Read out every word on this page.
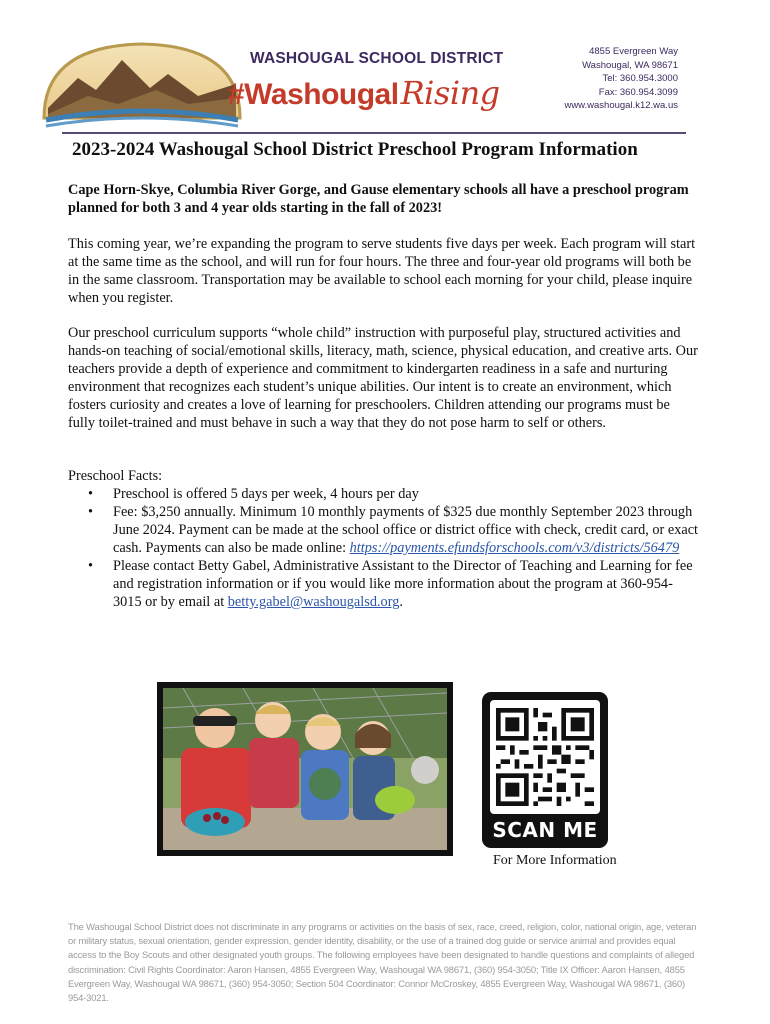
WASHOUGAL SCHOOL DISTRICT
#WashougalRising
4855 Evergreen Way
Washougal, WA 98671
Tel: 360.954.3000
Fax: 360.954.3099
www.washougal.k12.wa.us
2023-2024 Washougal School District Preschool Program Information
Cape Horn-Skye, Columbia River Gorge, and Gause elementary schools all have a preschool program planned for both 3 and 4 year olds starting in the fall of 2023!
This coming year, we’re expanding the program to serve students five days per week. Each program will start at the same time as the school, and will run for four hours. The three and four-year old programs will both be in the same classroom. Transportation may be available to school each morning for your child, please inquire when you register.
Our preschool curriculum supports “whole child” instruction with purposeful play, structured activities and hands-on teaching of social/emotional skills, literacy, math, science, physical education, and creative arts. Our teachers provide a depth of experience and commitment to kindergarten readiness in a safe and nurturing environment that recognizes each student’s unique abilities. Our intent is to create an environment, which fosters curiosity and creates a love of learning for preschoolers. Children attending our programs must be fully toilet-trained and must behave in such a way that they do not pose harm to self or others.
Preschool Facts:
• Preschool is offered 5 days per week, 4 hours per day
• Fee: $3,250 annually. Minimum 10 monthly payments of $325 due monthly September 2023 through June 2024. Payment can be made at the school office or district office with check, credit card, or exact cash. Payments can also be made online: https://payments.efundsforschools.com/v3/districts/56479
• Please contact Betty Gabel, Administrative Assistant to the Director of Teaching and Learning for fee and registration information or if you would like more information about the program at 360-954-3015 or by email at betty.gabel@washougalsd.org.
SCAN ME
For More Information
The Washougal School District does not discriminate in any programs or activities on the basis of sex, race, creed, religion, color, national origin, age, veteran or military status, sexual orientation, gender expression, gender identity, disability, or the use of a trained dog guide or service animal and provides equal access to the Boy Scouts and other designated youth groups. The following employees have been designated to handle questions and complaints of alleged discrimination: Civil Rights Coordinator: Aaron Hansen, 4855 Evergreen Way, Washougal WA 98671, (360) 954-3050; Title IX Officer: Aaron Hansen, 4855 Evergreen Way, Washougal WA 98671, (360) 954-3050; Section 504 Coordinator: Connor McCroskey, 4855 Evergreen Way, Washougal WA 98671, (360) 954-3021.
